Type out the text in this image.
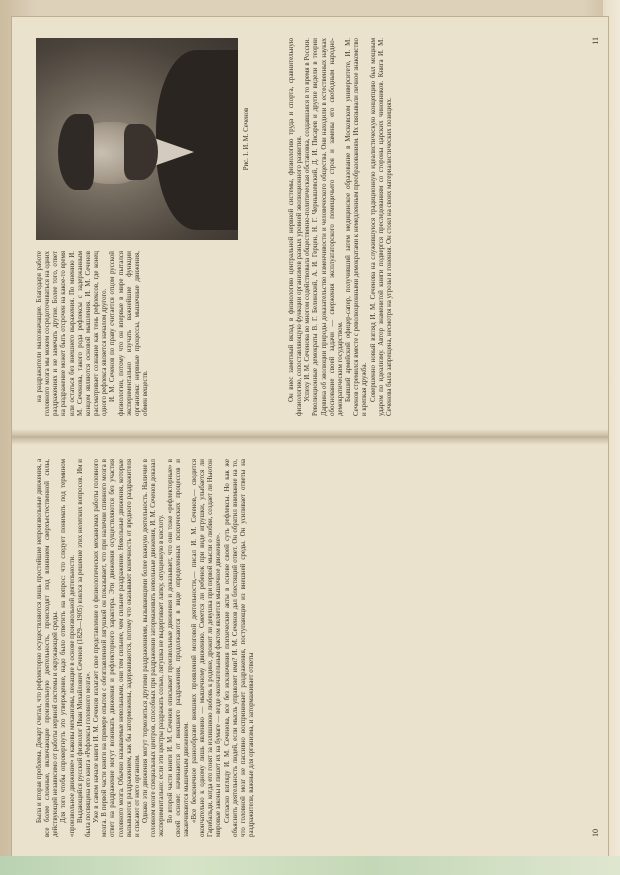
Была и вторая проблема. Декарт считал, что рефлекторно осуществляются лишь простейшие непроизвольные движения, а все более сложные, включающие произвольную деятельность, происходят под влиянием сверхъестественной силы, действующей независимо от работы нервной системы и окружающей среды. Для того чтобы опровергнуть это утверждение, надо было ответить на вопрос: что следует понимать под термином «произвольное движение» и каковы механизмы, лежащие в основе произвольной деятельности. Выдающийся русский физиолог Иван Михайлович Сеченов (1829—1905) взялся за решение этих нелегких вопросов. Им и была посвящена его книга «Рефлексы головного мозга». Уже в самом начале книги И. М. Сеченов излагает свое представление о физиологических механизмах работы головного мозга. В первой части книги на примере опытов с обезглавленной лягушкой он показывает, что при наличии спинного мозга в ответ на раздражение могут возникать движения и рефлекторного характера. Эти движения осуществляются без участия головного мозга. Обычно называемые невольными, они тем сильнее, чем сильнее раздражение. Невольные движения, которые вызываются раздражением, как бы заторможены, задерживаются, потому что оказывают конечность от вредного раздражителя и спасают от него организм. Однако эти движения могут тормозиться другими раздражениями, вызывающими более важную деятельность. Наличие в головном мозге специальных центров, способных при раздражении затормаживать невольные движения, И. М. Сеченов доказал экспериментально: если эти центры раздражать солью, лягушка не выдергивает лапку, опущенную в кислоту. Во второй части книги И. М. Сеченов описывает произвольные движения и доказывает, что они тоже «рефлекторные» в своей основе: начинаются от внешнего раздражения, продолжаются в виде определенных психических процессов и заканчиваются мышечным движением. «Все бесконечное разнообразие внешних проявлений мозговой деятельности,— писал И. М. Сеченов,— сводится окончательно к одному лишь явлению — мышечному движению. Смеется ли ребенок при виде игрушки, улыбается ли Гарибальди, когда его гонят за излишнюю любовь к родине, дрожит ли девушка при первой мысли о любви, создает ли Ньютон мировые законы и пишет их на бумаге — везде окончательным фактом является мышечное движение». Согласно взгляду И. М. Сеченова, все без исключения психические акты в основе своей суть рефлексы. Но как же объяснить деятельность людей, если мысль управляет ими? И. М. Сеченов дал блестящий ответ. Он обратил внимание на то, что головной мозг не пассивно воспринимает раздражения, поступающие из внешней среды. Он усиливает ответы на раздражители, важные для организма, и затормаживает ответы	10

на раздражители малозначащие. Благодаря работе головного мозга мы можем сосредоточиваться на одних раздражениях и не замечать другие. Более того, ответ на раздражение может быть отсрочен на какое-то время или остаться без внешнего выражения. По мнению И. М. Сеченова, такого рода рефлексы с задержанным концом являются основой мышления. И. М. Сеченов рассматривает сознание как тень рефлексов, где конец одного рефлекса является началом другого. И. М. Сеченов по праву считается отцом русской физиологии, потому что он впервые в мире пытался экспериментально изучать важнейшие функции организма: нервные процессы, мышечные движения, обмен веществ.

Рис. 1. И. М. Сеченов	Он внес заметный вклад в физиологию центральной нервной системы, физиологию труда и спорта, сравнительную физиологию, сопоставляющую функции организмов разных уровней эволюционного развития. Успеху И. М. Сеченова во многом содействовала общественно-политическая обстановка, создавшаяся в то время в России. Революционные демократы В. Г. Белинский, А. И. Герцен, Н. Г. Чернышевский, Д. И. Писарев и другие видели в теории Дарвина об эволюции природы доказательство изменчивости и человеческого общества. Они находили в естественных науках обоснование своей задачи — свержения эксплуататорского помещичьего строя и замены его свободным народно-демократическим государством. Бывший армейский офицер-сапер, получивший затем медицинское образование в Московском университете, И. М. Сеченов стремился вместе с революционными демократами к немедленным преобразованиям. Их связывали личное знакомство и крепкая дружба. Совершенно новый взгляд И. М. Сеченова на служившуюся традиционную идеалистическую концепцию был мощным ударом по идеализму. Автор знаменитой книги подвергся преследованиям со стороны царских чиновников. Книга И. М. Сеченова была запрещена, несмотря на угрозы и гонения. Он стоял на своих материалистических позициях.

11
